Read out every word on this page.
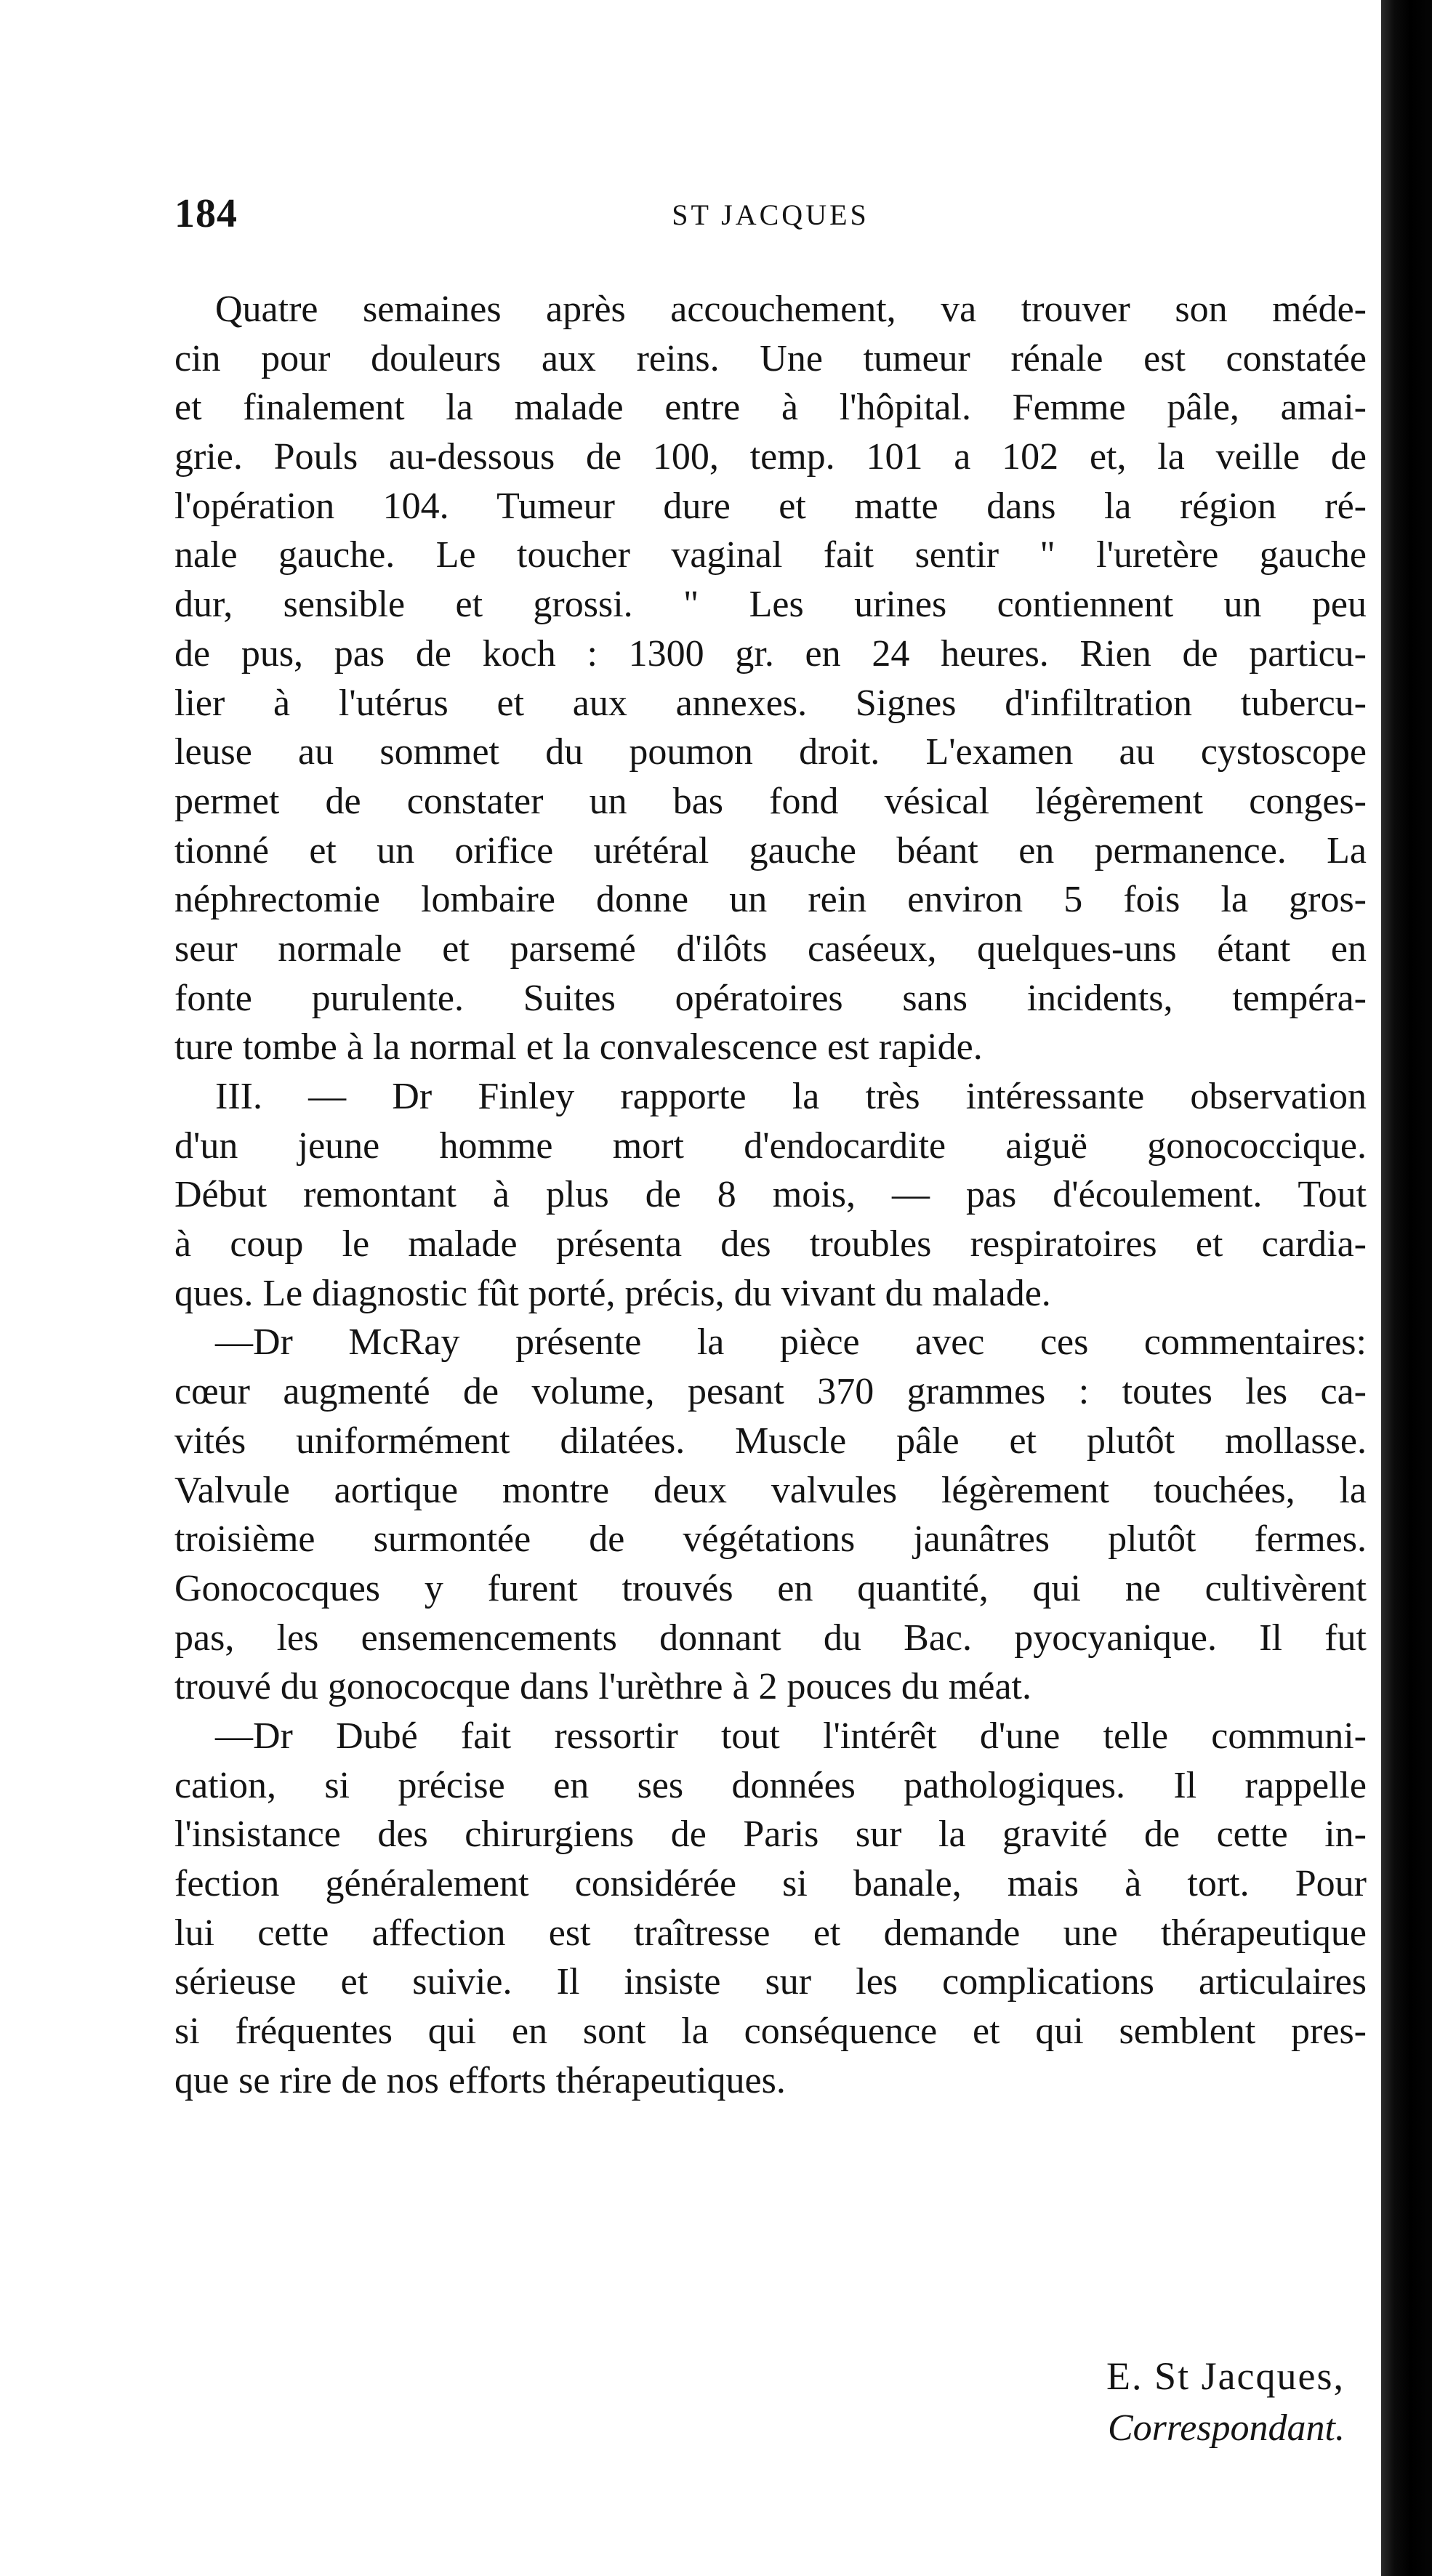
184	ST JACQUES
Quatre semaines après accouchement, va trouver son méde-
cin pour douleurs aux reins. Une tumeur rénale est constatée
et finalement la malade entre à l'hôpital. Femme pâle, amai-
grie. Pouls au-dessous de 100, temp. 101 a 102 et, la veille de
l'opération 104. Tumeur dure et matte dans la région ré-
nale gauche. Le toucher vaginal fait sentir " l'uretère gauche
dur, sensible et grossi. " Les urines contiennent un peu
de pus, pas de koch : 1300 gr. en 24 heures. Rien de particu-
lier à l'utérus et aux annexes. Signes d'infiltration tubercu-
leuse au sommet du poumon droit. L'examen au cystoscope
permet de constater un bas fond vésical légèrement conges-
tionné et un orifice urétéral gauche béant en permanence. La
néphrectomie lombaire donne un rein environ 5 fois la gros-
seur normale et parsemé d'ilôts caséeux, quelques-uns étant en
fonte purulente. Suites opératoires sans incidents, tempéra-
ture tombe à la normal et la convalescence est rapide.
III. — Dr Finley rapporte la très intéressante observation
d'un jeune homme mort d'endocardite aiguë gonococcique.
Début remontant à plus de 8 mois, — pas d'écoulement. Tout
à coup le malade présenta des troubles respiratoires et cardia-
ques. Le diagnostic fût porté, précis, du vivant du malade.
—Dr McRay présente la pièce avec ces commentaires:
cœur augmenté de volume, pesant 370 grammes : toutes les ca-
vités uniformément dilatées. Muscle pâle et plutôt mollasse.
Valvule aortique montre deux valvules légèrement touchées, la
troisième surmontée de végétations jaunâtres plutôt fermes.
Gonococques y furent trouvés en quantité, qui ne cultivèrent
pas, les ensemencements donnant du Bac. pyocyanique. Il fut
trouvé du gonococque dans l'urèthre à 2 pouces du méat.
—Dr Dubé fait ressortir tout l'intérêt d'une telle communi-
cation, si précise en ses données pathologiques. Il rappelle
l'insistance des chirurgiens de Paris sur la gravité de cette in-
fection généralement considérée si banale, mais à tort. Pour
lui cette affection est traîtresse et demande une thérapeutique
sérieuse et suivie. Il insiste sur les complications articulaires
si fréquentes qui en sont la conséquence et qui semblent pres-
que se rire de nos efforts thérapeutiques.
E. St Jacques,
Correspondant.
